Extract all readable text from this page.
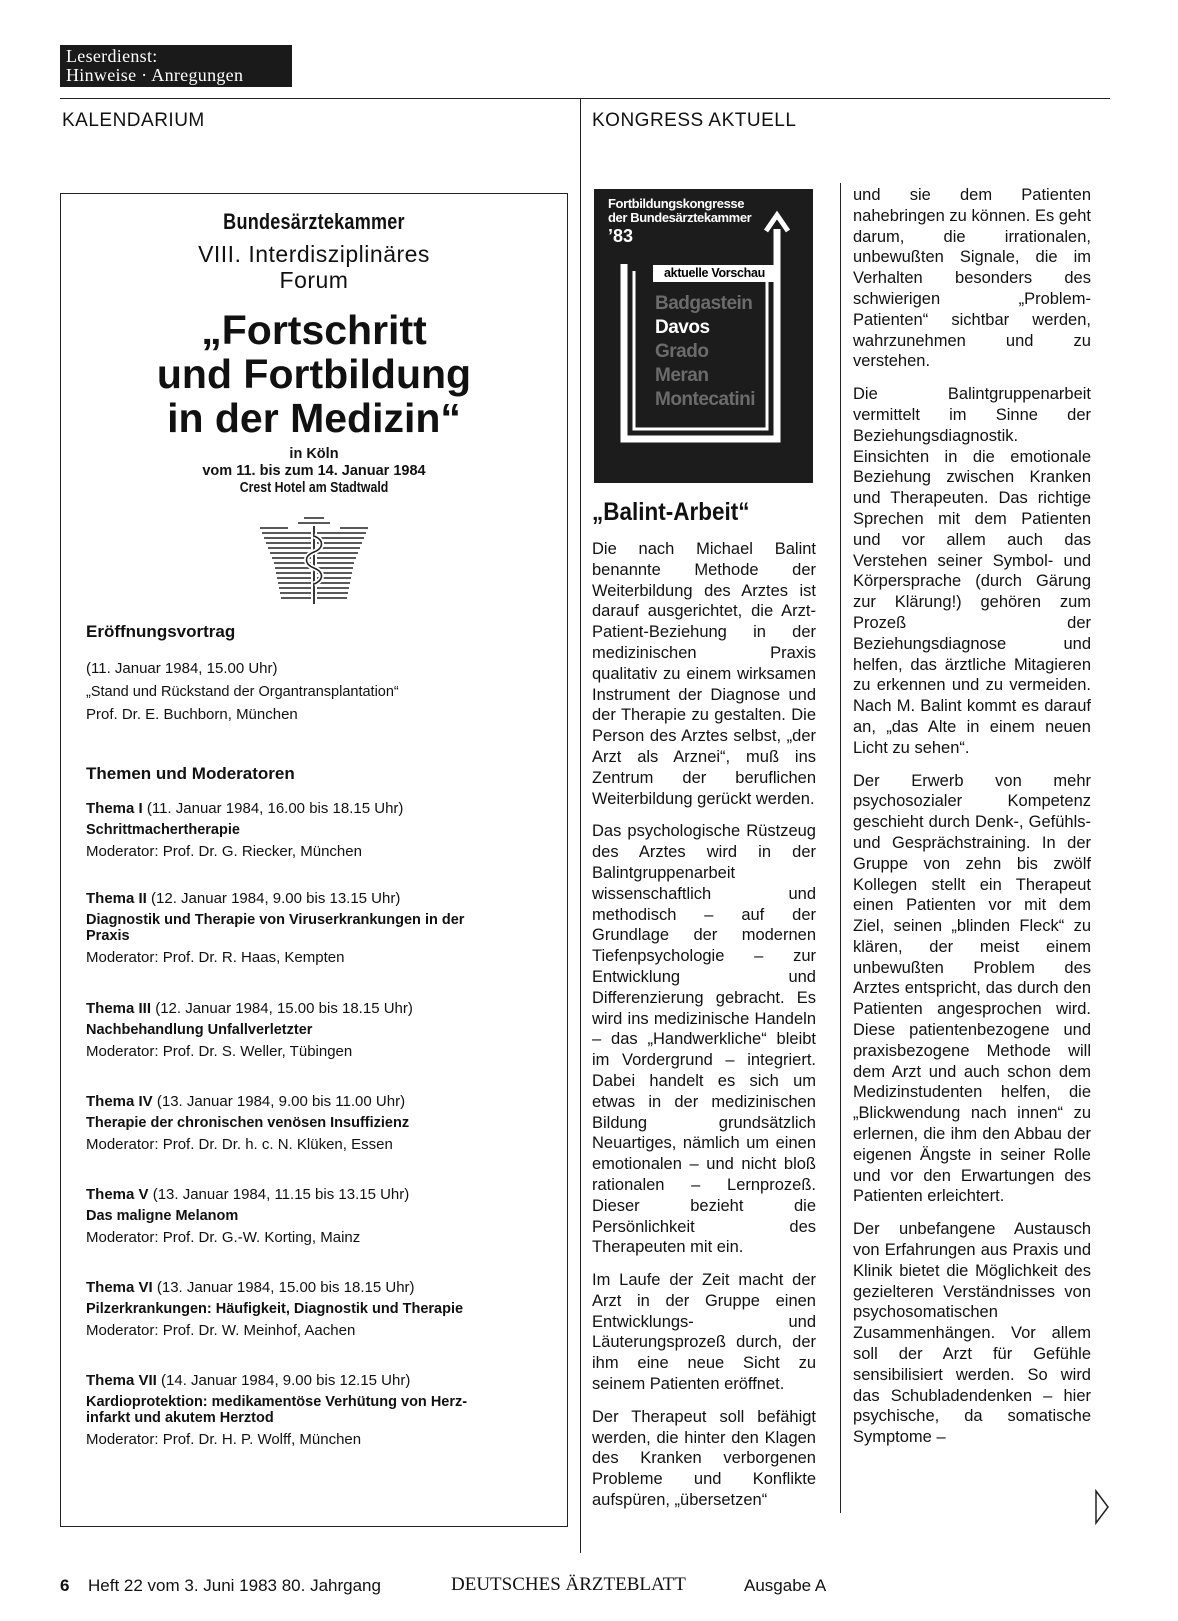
Leserdienst:
Hinweise · Anregungen
KALENDARIUM	KONGRESS AKTUELL
Bundesärztekammer
VIII. Interdisziplinäres
Forum
„Fortschritt
und Fortbildung
in der Medizin“
in Köln
vom 11. bis zum 14. Januar 1984
Crest Hotel am Stadtwald
Eröffnungsvortrag
(11. Januar 1984, 15.00 Uhr)
„Stand und Rückstand der Organtransplantation“
Prof. Dr. E. Buchborn, München
Themen und Moderatoren
Thema I (11. Januar 1984, 16.00 bis 18.15 Uhr)
Schrittmachertherapie
Moderator: Prof. Dr. G. Riecker, München
Thema II (12. Januar 1984, 9.00 bis 13.15 Uhr)
Diagnostik und Therapie von Viruserkrankungen in der
Praxis
Moderator: Prof. Dr. R. Haas, Kempten
Thema III (12. Januar 1984, 15.00 bis 18.15 Uhr)
Nachbehandlung Unfallverletzter
Moderator: Prof. Dr. S. Weller, Tübingen
Thema IV (13. Januar 1984, 9.00 bis 11.00 Uhr)
Therapie der chronischen venösen Insuffizienz
Moderator: Prof. Dr. Dr. h. c. N. Klüken, Essen
Thema V (13. Januar 1984, 11.15 bis 13.15 Uhr)
Das maligne Melanom
Moderator: Prof. Dr. G.-W. Korting, Mainz
Thema VI (13. Januar 1984, 15.00 bis 18.15 Uhr)
Pilzerkrankungen: Häufigkeit, Diagnostik und Therapie
Moderator: Prof. Dr. W. Meinhof, Aachen
Thema VII (14. Januar 1984, 9.00 bis 12.15 Uhr)
Kardioprotektion: medikamentöse Verhütung von Herz-
infarkt und akutem Herztod
Moderator: Prof. Dr. H. P. Wolff, München
Fortbildungskongresse
der Bundesärztekammer
’83
aktuelle Vorschau
Badgastein
Davos
Grado
Meran
Montecatini
„Balint-Arbeit“

Die nach Michael Balint benannte Methode der Weiterbildung des Arztes ist darauf ausgerichtet, die Arzt-Patient-Beziehung in der medizinischen Praxis qualitativ zu einem wirksamen Instrument der Diagnose und der Therapie zu gestalten. Die Person des Arztes selbst, „der Arzt als Arznei“, muß ins Zentrum der beruflichen Weiterbildung gerückt werden.

Das psychologische Rüstzeug des Arztes wird in der Balintgruppenarbeit wissenschaftlich und methodisch – auf der Grundlage der modernen Tiefenpsychologie – zur Entwicklung und Differenzierung gebracht. Es wird ins medizinische Handeln – das „Handwerkliche“ bleibt im Vordergrund – integriert. Dabei handelt es sich um etwas in der medizinischen Bildung grundsätzlich Neuartiges, nämlich um einen emotionalen – und nicht bloß rationalen – Lernprozeß. Dieser bezieht die Persönlichkeit des Therapeuten mit ein.

Im Laufe der Zeit macht der Arzt in der Gruppe einen Entwicklungs- und Läuterungsprozeß durch, der ihm eine neue Sicht zu seinem Patienten eröffnet.

Der Therapeut soll befähigt werden, die hinter den Klagen des Kranken verborgenen Probleme und Konflikte aufspüren, „übersetzen“

und sie dem Patienten nahebringen zu können. Es geht darum, die irrationalen, unbewußten Signale, die im Verhalten besonders des schwierigen „Problem-Patienten“ sichtbar werden, wahrzunehmen und zu verstehen.

Die Balintgruppenarbeit vermittelt im Sinne der Beziehungsdiagnostik. Einsichten in die emotionale Beziehung zwischen Kranken und Therapeuten. Das richtige Sprechen mit dem Patienten und vor allem auch das Verstehen seiner Symbol- und Körpersprache (durch Gärung zur Klärung!) gehören zum Prozeß der Beziehungsdiagnose und helfen, das ärztliche Mitagieren zu erkennen und zu vermeiden. Nach M. Balint kommt es darauf an, „das Alte in einem neuen Licht zu sehen“.

Der Erwerb von mehr psychosozialer Kompetenz geschieht durch Denk-, Gefühls- und Gesprächstraining. In der Gruppe von zehn bis zwölf Kollegen stellt ein Therapeut einen Patienten vor mit dem Ziel, seinen „blinden Fleck“ zu klären, der meist einem unbewußten Problem des Arztes entspricht, das durch den Patienten angesprochen wird. Diese patientenbezogene und praxisbezogene Methode will dem Arzt und auch schon dem Medizinstudenten helfen, die „Blickwendung nach innen“ zu erlernen, die ihm den Abbau der eigenen Ängste in seiner Rolle und vor den Erwartungen des Patienten erleichtert.

Der unbefangene Austausch von Erfahrungen aus Praxis und Klinik bietet die Möglichkeit des gezielteren Verständnisses von psychosomatischen Zusammenhängen. Vor allem soll der Arzt für Gefühle sensibilisiert werden. So wird das Schubladendenken – hier psychische, da somatische Symptome –

6 Heft 22 vom 3. Juni 1983 80. Jahrgang	DEUTSCHES ÄRZTEBLATT	Ausgabe A
